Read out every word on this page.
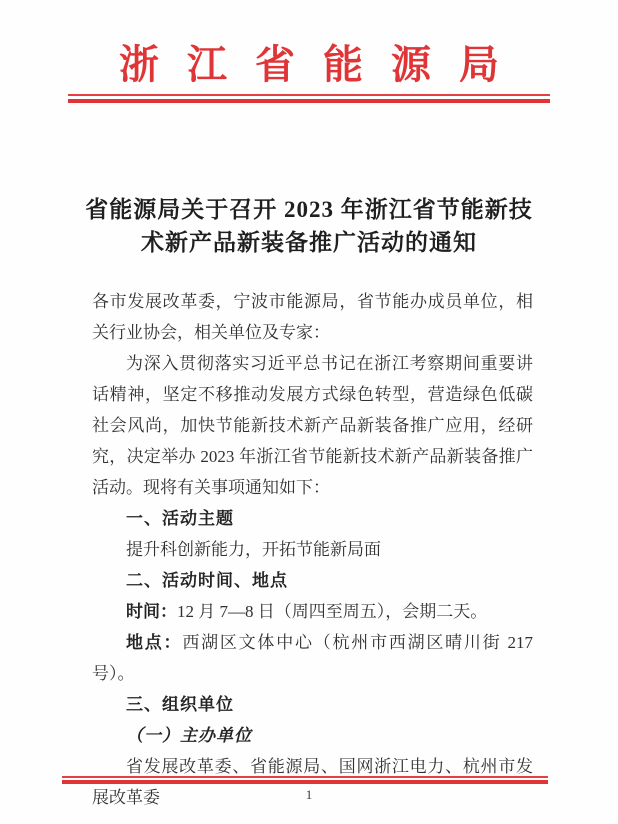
浙江省能源局
省能源局关于召开 2023 年浙江省节能新技
术新产品新装备推广活动的通知

各市发展改革委，宁波市能源局，省节能办成员单位，相关行业协会，相关单位及专家：

为深入贯彻落实习近平总书记在浙江考察期间重要讲话精神，坚定不移推动发展方式绿色转型，营造绿色低碳社会风尚，加快节能新技术新产品新装备推广应用，经研究，决定举办 2023 年浙江省节能新技术新产品新装备推广活动。现将有关事项通知如下：

一、活动主题

提升科创新能力，开拓节能新局面

二、活动时间、地点

时间：12 月 7—8 日（周四至周五），会期二天。

地点：西湖区文体中心（杭州市西湖区晴川街 217 号）。

三、组织单位

（一）主办单位

省发展改革委、省能源局、国网浙江电力、杭州市发展改革委	1
